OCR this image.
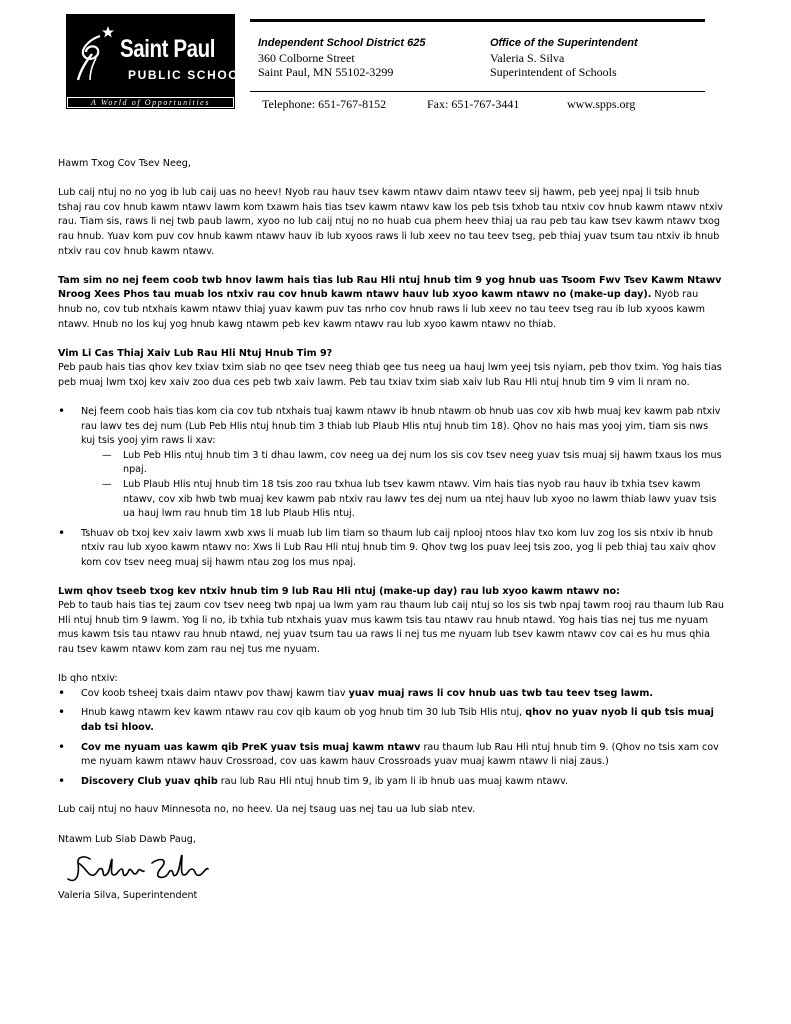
Saint Paul
PUBLIC SCHOOLS
A World of Opportunities
Independent School District 625
360 Colborne Street
Saint Paul, MN 55102-3299
Office of the Superintendent
Valeria S. Silva
Superintendent of Schools
Telephone: 651-767-8152	Fax: 651-767-3441	www.spps.org

Hawm Txog Cov Tsev Neeg,

Lub caij ntuj no no yog ib lub caij uas no heev! Nyob rau hauv tsev kawm ntawv daim ntawv teev sij hawm, peb yeej npaj li tsib hnub tshaj rau cov hnub kawm ntawv lawm kom txawm hais tias tsev kawm ntawv kaw los peb tsis txhob tau ntxiv cov hnub kawm ntawv ntxiv rau. Tiam sis, raws li nej twb paub lawm, xyoo no lub caij ntuj no no huab cua phem heev thiaj ua rau peb tau kaw tsev kawm ntawv txog rau hnub. Yuav kom puv cov hnub kawm ntawv hauv ib lub xyoos raws li lub xeev no tau teev tseg, peb thiaj yuav tsum tau ntxiv ib hnub ntxiv rau cov hnub kawm ntawv.

Tam sim no nej feem coob twb hnov lawm hais tias lub Rau Hli ntuj hnub tim 9 yog hnub uas Tsoom Fwv Tsev Kawm Ntawv Nroog Xees Phos tau muab los ntxiv rau cov hnub kawm ntawv hauv lub xyoo kawm ntawv no (make-up day). Nyob rau hnub no, cov tub ntxhais kawm ntawv thiaj yuav kawm puv tas nrho cov hnub raws li lub xeev no tau teev tseg rau ib lub xyoos kawm ntawv. Hnub no los kuj yog hnub kawg ntawm peb kev kawm ntawv rau lub xyoo kawm ntawv no thiab.

Vim Li Cas Thiaj Xaiv Lub Rau Hli Ntuj Hnub Tim 9?

Peb paub hais tias qhov kev txiav txim siab no qee tsev neeg thiab qee tus neeg ua hauj lwm yeej tsis nyiam, peb thov txim. Yog hais tias peb muaj lwm txoj kev xaiv zoo dua ces peb twb xaiv lawm. Peb tau txiav txim siab xaiv lub Rau Hli ntuj hnub tim 9 vim li nram no.

• Nej feem coob hais tias kom cia cov tub ntxhais tuaj kawm ntawv ib hnub ntawm ob hnub uas cov xib hwb muaj kev kawm pab ntxiv rau lawv tes dej num (Lub Peb Hlis ntuj hnub tim 3 thiab lub Plaub Hlis ntuj hnub tim 18). Qhov no hais mas yooj yim, tiam sis nws kuj tsis yooj yim raws li xav:
— Lub Peb Hlis ntuj hnub tim 3 ti dhau lawm, cov neeg ua dej num los sis cov tsev neeg yuav tsis muaj sij hawm txaus los mus npaj.
— Lub Plaub Hlis ntuj hnub tim 18 tsis zoo rau txhua lub tsev kawm ntawv. Vim hais tias nyob rau hauv ib txhia tsev kawm ntawv, cov xib hwb twb muaj kev kawm pab ntxiv rau lawv tes dej num ua ntej hauv lub xyoo no lawm thiab lawv yuav tsis ua hauj lwm rau hnub tim 18 lub Plaub Hlis ntuj.
• Tshuav ob txoj kev xaiv lawm xwb xws li muab lub lim tiam so thaum lub caij nplooj ntoos hlav txo kom luv zog los sis ntxiv ib hnub ntxiv rau lub xyoo kawm ntawv no: Xws li Lub Rau Hli ntuj hnub tim 9. Qhov twg los puav leej tsis zoo, yog li peb thiaj tau xaiv qhov kom cov tsev neeg muaj sij hawm ntau zog los mus npaj.

Lwm qhov tseeb txog kev ntxiv hnub tim 9 lub Rau Hli ntuj (make-up day) rau lub xyoo kawm ntawv no:

Peb to taub hais tias tej zaum cov tsev neeg twb npaj ua lwm yam rau thaum lub caij ntuj so los sis twb npaj tawm rooj rau thaum lub Rau Hli ntuj hnub tim 9 lawm. Yog li no, ib txhia tub ntxhais yuav mus kawm tsis tau ntawv rau hnub ntawd. Yog hais tias nej tus me nyuam mus kawm tsis tau ntawv rau hnub ntawd, nej yuav tsum tau ua raws li nej tus me nyuam lub tsev kawm ntawv cov cai es hu mus qhia rau tsev kawm ntawv kom zam rau nej tus me nyuam.

Ib qho ntxiv:

• Cov koob tsheej txais daim ntawv pov thawj kawm tiav yuav muaj raws li cov hnub uas twb tau teev tseg lawm.
• Hnub kawg ntawm kev kawm ntawv rau cov qib kaum ob yog hnub tim 30 lub Tsib Hlis ntuj, qhov no yuav nyob li qub tsis muaj dab tsi hloov.
• Cov me nyuam uas kawm qib PreK yuav tsis muaj kawm ntawv rau thaum lub Rau Hli ntuj hnub tim 9. (Qhov no tsis xam cov me nyuam kawm ntawv hauv Crossroad, cov uas kawm hauv Crossroads yuav muaj kawm ntawv li niaj zaus.)
• Discovery Club yuav qhib rau lub Rau Hli ntuj hnub tim 9, ib yam li ib hnub uas muaj kawm ntawv.

Lub caij ntuj no hauv Minnesota no, no heev. Ua nej tsaug uas nej tau ua lub siab ntev.

Ntawm Lub Siab Dawb Paug,

Valeria Silva, Superintendent
